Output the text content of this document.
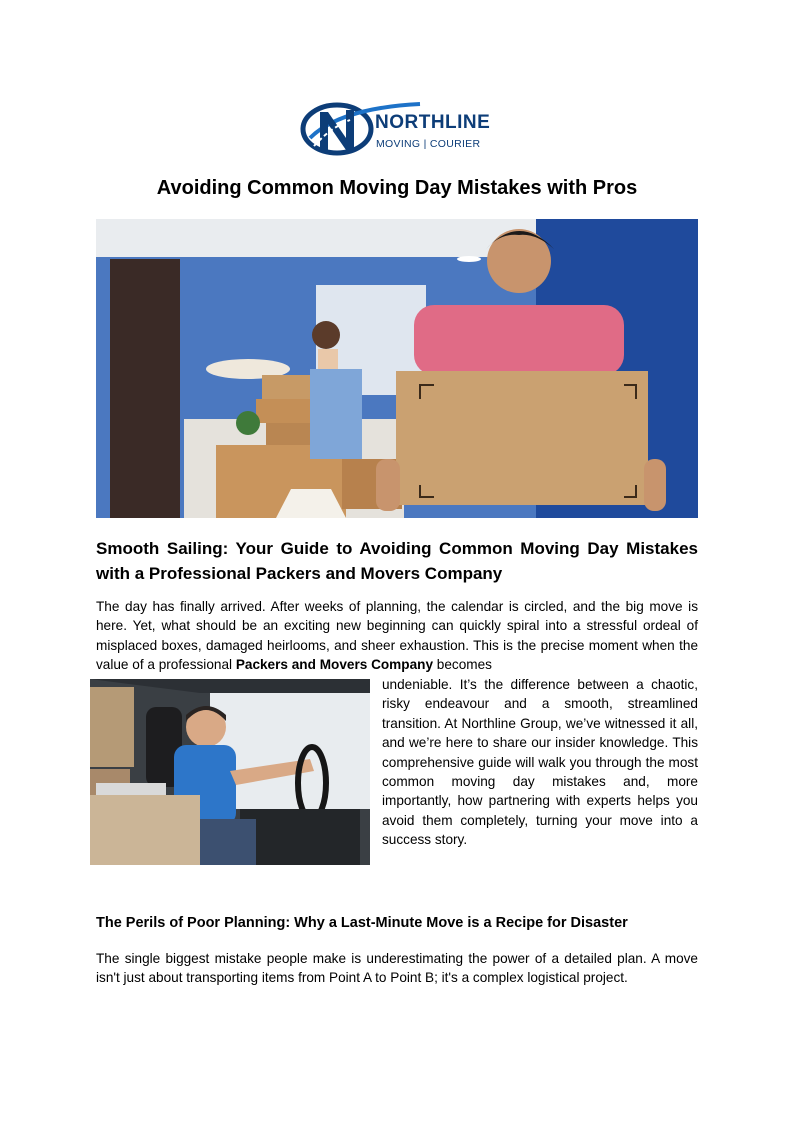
NORTHLINE
MOVING | COURIER
Avoiding Common Moving Day Mistakes with Pros
Smooth Sailing: Your Guide to Avoiding Common Moving Day Mistakes with a Professional Packers and Movers Company
The day has finally arrived. After weeks of planning, the calendar is circled, and the big move is here. Yet, what should be an exciting new beginning can quickly spiral into a stressful ordeal of misplaced boxes, damaged heirlooms, and sheer exhaustion. This is the precise moment when the value of a professional Packers and Movers Company becomes
undeniable. It’s the difference between a chaotic, risky endeavour and a smooth, streamlined transition. At Northline Group, we’ve witnessed it all, and we’re here to share our insider knowledge. This comprehensive guide will walk you through the most common moving day mistakes and, more importantly, how partnering with experts helps you avoid them completely, turning your move into a success story.
The Perils of Poor Planning: Why a Last-Minute Move is a Recipe for Disaster
The single biggest mistake people make is underestimating the power of a detailed plan. A move isn't just about transporting items from Point A to Point B; it's a complex logistical project.
